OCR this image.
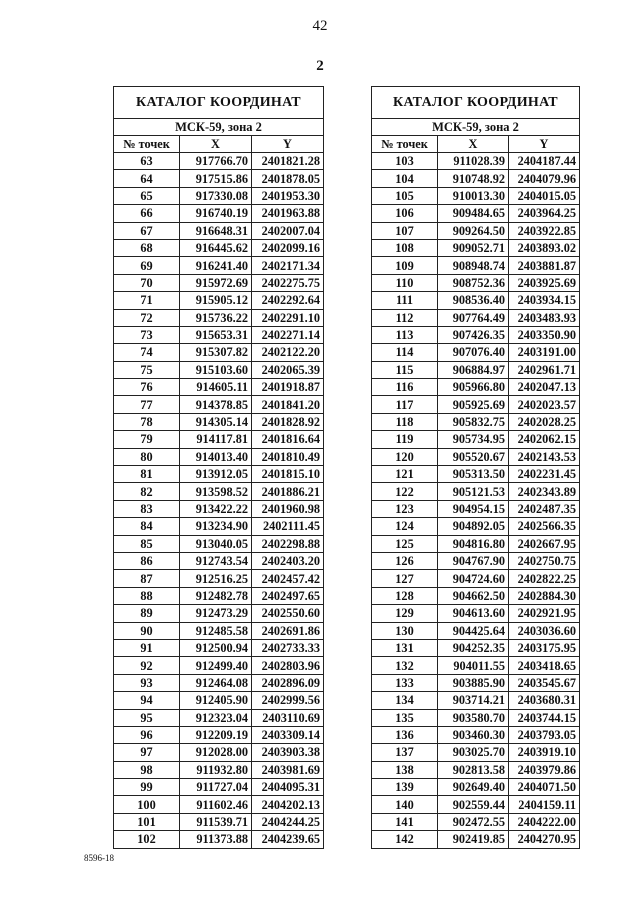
42
2
КАТАЛОГ КООРДИНАТ		
МСК-59, зона 2		
№ точек	X	Y
63	917766.70	2401821.28
64	917515.86	2401878.05
65	917330.08	2401953.30
66	916740.19	2401963.88
67	916648.31	2402007.04
68	916445.62	2402099.16
69	916241.40	2402171.34
70	915972.69	2402275.75
71	915905.12	2402292.64
72	915736.22	2402291.10
73	915653.31	2402271.14
74	915307.82	2402122.20
75	915103.60	2402065.39
76	914605.11	2401918.87
77	914378.85	2401841.20
78	914305.14	2401828.92
79	914117.81	2401816.64
80	914013.40	2401810.49
81	913912.05	2401815.10
82	913598.52	2401886.21
83	913422.22	2401960.98
84	913234.90	2402111.45
85	913040.05	2402298.88
86	912743.54	2402403.20
87	912516.25	2402457.42
88	912482.78	2402497.65
89	912473.29	2402550.60
90	912485.58	2402691.86
91	912500.94	2402733.33
92	912499.40	2402803.96
93	912464.08	2402896.09
94	912405.90	2402999.56
95	912323.04	2403110.69
96	912209.19	2403309.14
97	912028.00	2403903.38
98	911932.80	2403981.69
99	911727.04	2404095.31
100	911602.46	2404202.13
101	911539.71	2404244.25
102	911373.88	2404239.65
КАТАЛОГ КООРДИНАТ		
МСК-59, зона 2		
№ точек	X	Y
103	911028.39	2404187.44
104	910748.92	2404079.96
105	910013.30	2404015.05
106	909484.65	2403964.25
107	909264.50	2403922.85
108	909052.71	2403893.02
109	908948.74	2403881.87
110	908752.36	2403925.69
111	908536.40	2403934.15
112	907764.49	2403483.93
113	907426.35	2403350.90
114	907076.40	2403191.00
115	906884.97	2402961.71
116	905966.80	2402047.13
117	905925.69	2402023.57
118	905832.75	2402028.25
119	905734.95	2402062.15
120	905520.67	2402143.53
121	905313.50	2402231.45
122	905121.53	2402343.89
123	904954.15	2402487.35
124	904892.05	2402566.35
125	904816.80	2402667.95
126	904767.90	2402750.75
127	904724.60	2402822.25
128	904662.50	2402884.30
129	904613.60	2402921.95
130	904425.64	2403036.60
131	904252.35	2403175.95
132	904011.55	2403418.65
133	903885.90	2403545.67
134	903714.21	2403680.31
135	903580.70	2403744.15
136	903460.30	2403793.05
137	903025.70	2403919.10
138	902813.58	2403979.86
139	902649.40	2404071.50
140	902559.44	2404159.11
141	902472.55	2404222.00
142	902419.85	2404270.95
8596-18
